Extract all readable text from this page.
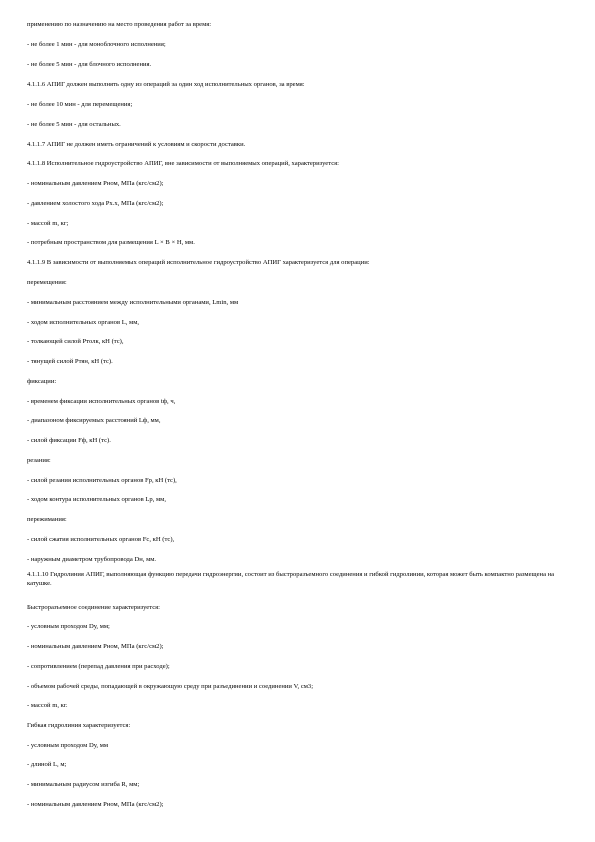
применению по назначению на место проведения работ за время:

- не более 1 мин - для моноблочного исполнения;

- не более 5 мин - для блочного исполнения.

4.1.1.6 АПИГ должен выполнять одну из операций за один ход исполнительных органов, за время:

- не более 10 мин - для перемещения;

- не более 5 мин - для остальных.

4.1.1.7 АПИГ не должен иметь ограничений к условиям и скорости доставки.

4.1.1.8 Исполнительное гидроустройство АПИГ, вне зависимости от выполняемых операций, характеризуется:

- номинальным давлением Pном, МПа (кгс/см2);

- давлением холостого хода Px.x, МПа (кгс/см2);

- массой m, кг;

- потребным пространством для размещения L × B × H, мм.

4.1.1.9 В зависимости от выполняемых операций исполнительное гидроустройство АПИГ характеризуется для операции:

перемещения:

- минимальным расстоянием между исполнительными органами, Lmin, мм

- ходом исполнительных органов L, мм,

- толкающей силой Pтолк, кН (тс),

- тянущей силой Pтян, кН (тс).

фиксации:

- временем фиксации исполнительных органов tф, ч,

- диапазоном фиксируемых расстояний Lф, мм,

- силой фиксации Fф, кН (тс).

резания:

- силой резания исполнительных органов Fр, кН (тс),

- ходом контура исполнительных органов Lр, мм,

пережимания:

- силой сжатия исполнительных органов Fс, кН (тс),

- наружным диаметром трубопровода Dн, мм.

4.1.1.10 Гидролиния АПИГ, выполняющая функцию передачи гидроэнергии, состоит из быстроразъемного соединения и гибкой гидролинии, которая может быть компактно размещена на катушке.

Быстроразъемное соединение характеризуется:

- условным проходом Dу, мм;

- номинальным давлением Pном, МПа (кгс/см2);

- сопротивлением (перепад давления при расходе);

- объемом рабочей среды, попадающей в окружающую среду при разъединении и соединении V, см3;

- массой m, кг.

Гибкая гидролиния характеризуется:

- условным проходом Dу, мм

- длиной L, м;

- минимальным радиусом изгиба R, мм;

- номинальным давлением Pном, МПа (кгс/см2);
